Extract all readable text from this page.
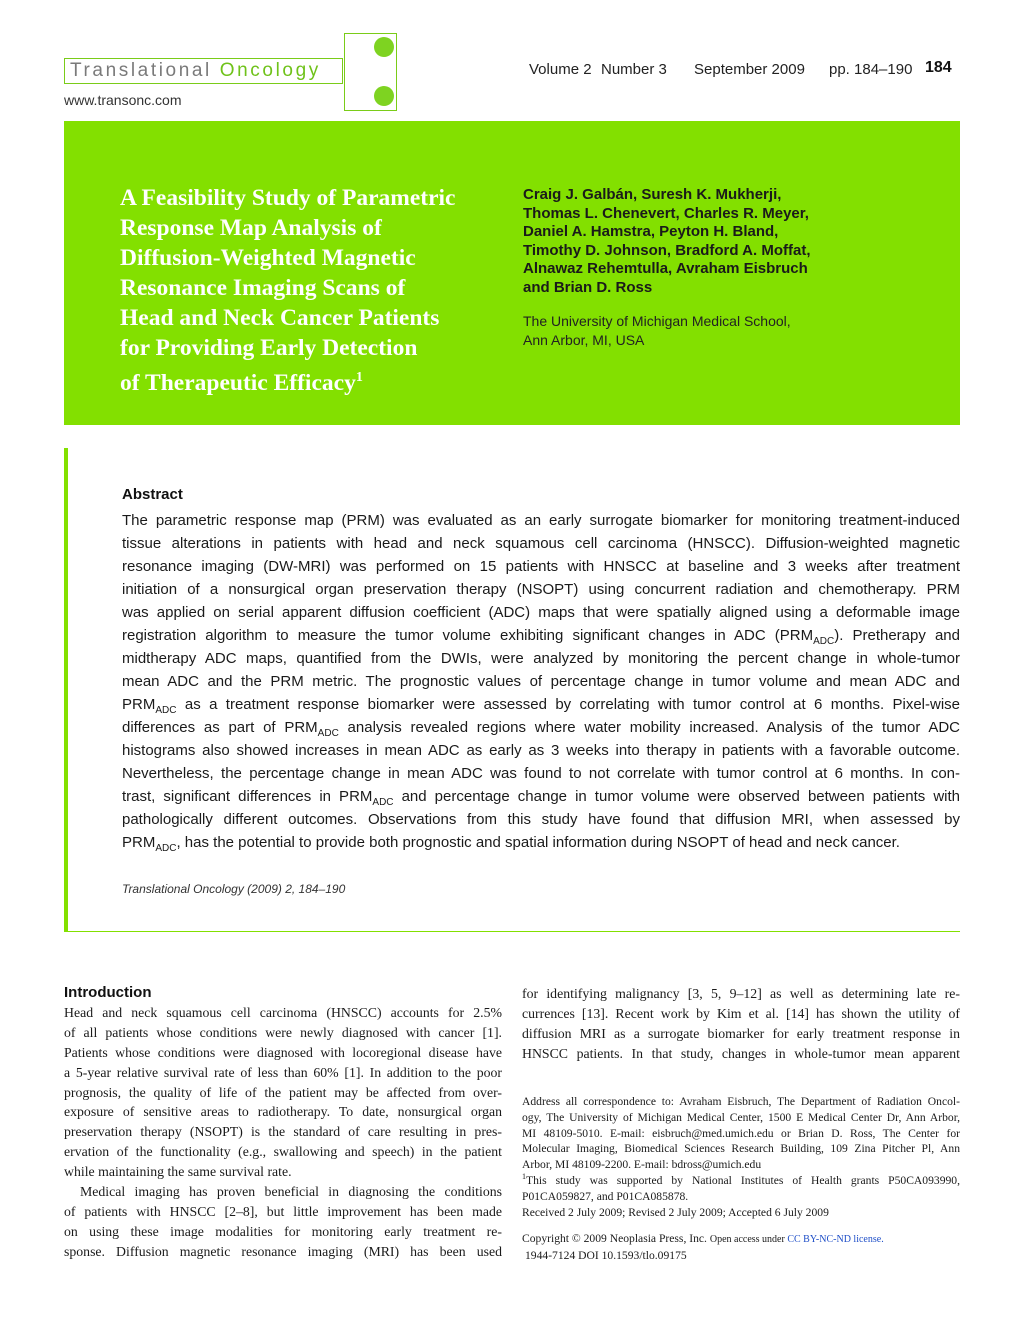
Translational Oncology
www.transonc.com
Volume 2 Number 3 September 2009 pp. 184–190 184
A Feasibility Study of Parametric
Response Map Analysis of
Diffusion-Weighted Magnetic
Resonance Imaging Scans of
Head and Neck Cancer Patients
for Providing Early Detection
of Therapeutic Efficacy$^1$
Craig J. Galbán, Suresh K. Mukherji,
Thomas L. Chenevert, Charles R. Meyer,
Daniel A. Hamstra, Peyton H. Bland,
Timothy D. Johnson, Bradford A. Moffat,
Alnawaz Rehemtulla, Avraham Eisbruch
and Brian D. Ross
The University of Michigan Medical School,
Ann Arbor, MI, USA
Abstract
The parametric response map (PRM) was evaluated as an early surrogate biomarker for monitoring treatment-induced
tissue alterations in patients with head and neck squamous cell carcinoma (HNSCC). Diffusion-weighted magnetic
resonance imaging (DW-MRI) was performed on 15 patients with HNSCC at baseline and 3 weeks after treatment
initiation of a nonsurgical organ preservation therapy (NSOPT) using concurrent radiation and chemotherapy. PRM
was applied on serial apparent diffusion coefficient (ADC) maps that were spatially aligned using a deformable image
registration algorithm to measure the tumor volume exhibiting significant changes in ADC $(PRM_{ADC})$. Pretherapy and
midtherapy ADC maps, quantified from the DWIs, were analyzed by monitoring the percent change in whole-tumor
mean ADC and the PRM metric. The prognostic values of percentage change in tumor volume and mean ADC and
$PRM_{ADC}$ as a treatment response biomarker were assessed by correlating with tumor control at 6 months. Pixel-wise
differences as part of $PRM_{ADC}$ analysis revealed regions where water mobility increased. Analysis of the tumor ADC
histograms also showed increases in mean ADC as early as 3 weeks into therapy in patients with a favorable outcome.
Nevertheless, the percentage change in mean ADC was found to not correlate with tumor control at 6 months. In con-
trast, significant differences in $PRM_{ADC}$ and percentage change in tumor volume were observed between patients with
pathologically different outcomes. Observations from this study have found that diffusion MRI, when assessed by
$PRM_{ADC}$, has the potential to provide both prognostic and spatial information during NSOPT of head and neck cancer.
Translational Oncology (2009) 2, 184–190
Introduction
Head and neck squamous cell carcinoma (HNSCC) accounts for 2.5%
of all patients whose conditions were newly diagnosed with cancer [1].
Patients whose conditions were diagnosed with locoregional disease have
a 5-year relative survival rate of less than 60% [1]. In addition to the poor
prognosis, the quality of life of the patient may be affected from over-
exposure of sensitive areas to radiotherapy. To date, nonsurgical organ
preservation therapy (NSOPT) is the standard of care resulting in pres-
ervation of the functionality (e.g., swallowing and speech) in the patient
while maintaining the same survival rate.
Medical imaging has proven beneficial in diagnosing the conditions
of patients with HNSCC [2–8], but little improvement has been made
on using these image modalities for monitoring early treatment re-
sponse. Diffusion magnetic resonance imaging (MRI) has been used
for identifying malignancy [3, 5, 9–12] as well as determining late re-
currences [13]. Recent work by Kim et al. [14] has shown the utility of
diffusion MRI as a surrogate biomarker for early treatment response in
HNSCC patients. In that study, changes in whole-tumor mean apparent
Address all correspondence to: Avraham Eisbruch, The Department of Radiation Oncol-
ogy, The University of Michigan Medical Center, 1500 E Medical Center Dr, Ann Arbor,
MI 48109-5010. E-mail: eisbruch@med.umich.edu or Brian D. Ross, The Center for
Molecular Imaging, Biomedical Sciences Research Building, 109 Zina Pitcher Pl, Ann
Arbor, MI 48109-2200. E-mail: bdross@umich.edu
$^1$This study was supported by National Institutes of Health grants P50CA093990,
P01CA059827, and P01CA085878.
Received 2 July 2009; Revised 2 July 2009; Accepted 6 July 2009
Copyright © 2009 Neoplasia Press, Inc. Open access under CC BY-NC-ND license.
1944-7124 DOI 10.1593/tlo.09175
